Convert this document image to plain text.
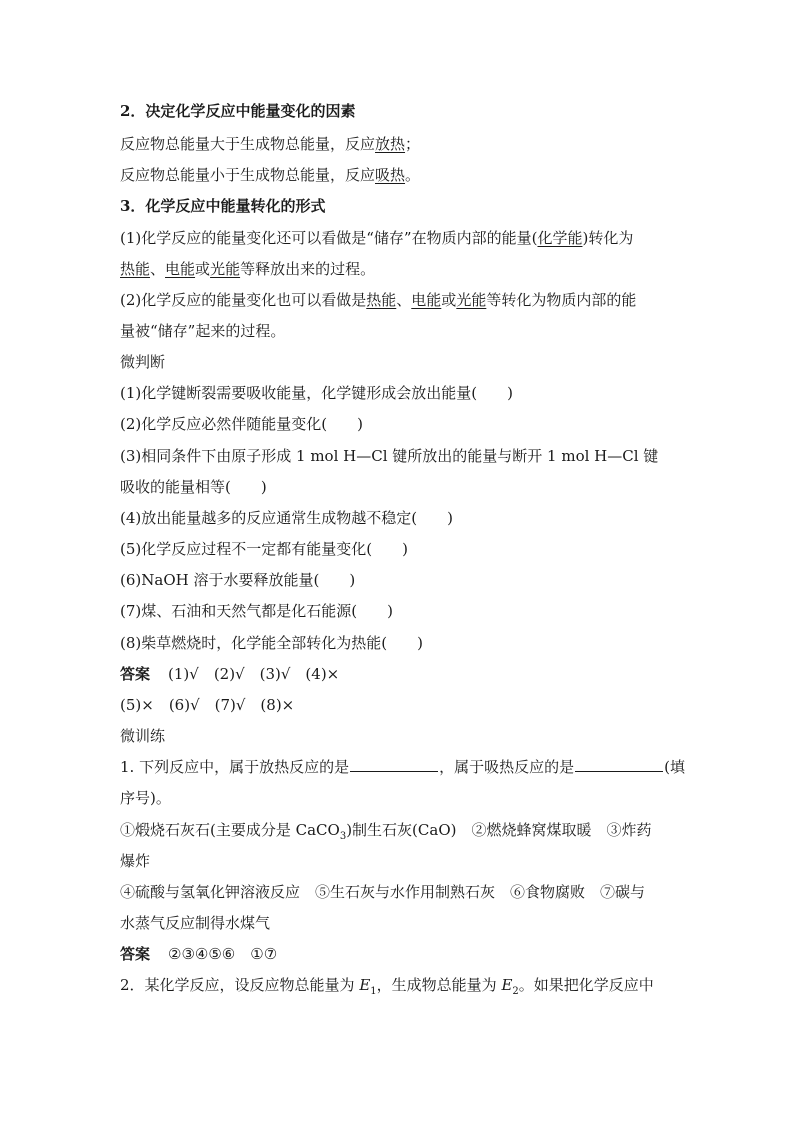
2．决定化学反应中能量变化的因素
反应物总能量大于生成物总能量，反应放热；
反应物总能量小于生成物总能量，反应吸热。
3．化学反应中能量转化的形式
(1)化学反应的能量变化还可以看做是“储存”在物质内部的能量(化学能)转化为
热能、电能或光能等释放出来的过程。
(2)化学反应的能量变化也可以看做是热能、电能或光能等转化为物质内部的能
量被“储存”起来的过程。
微判断
(1)化学键断裂需要吸收能量，化学键形成会放出能量(　　)
(2)化学反应必然伴随能量变化(　　)
(3)相同条件下由原子形成 1 mol H—Cl 键所放出的能量与断开 1 mol H—Cl 键
吸收的能量相等(　　)
(4)放出能量越多的反应通常生成物越不稳定(　　)
(5)化学反应过程不一定都有能量变化(　　)
(6)NaOH 溶于水要释放能量(　　)
(7)煤、石油和天然气都是化石能源(　　)
(8)柴草燃烧时，化学能全部转化为热能(　　)
答案 (1)√　(2)√　(3)√　(4)×
(5)×　(6)√　(7)√　(8)×
微训练
1. 下列反应中，属于放热反应的是	，属于吸热反应的是	(填
序号)。
①煅烧石灰石(主要成分是 CaCO$_3$)制生石灰(CaO)　②燃烧蜂窝煤取暖　③炸药
爆炸
④硫酸与氢氧化钾溶液反应　⑤生石灰与水作用制熟石灰　⑥食物腐败　⑦碳与
水蒸气反应制得水煤气
答案 ②③④⑤⑥　①⑦
2．某化学反应，设反应物总能量为 $E_1$，生成物总能量为 $E_2$。如果把化学反应中
